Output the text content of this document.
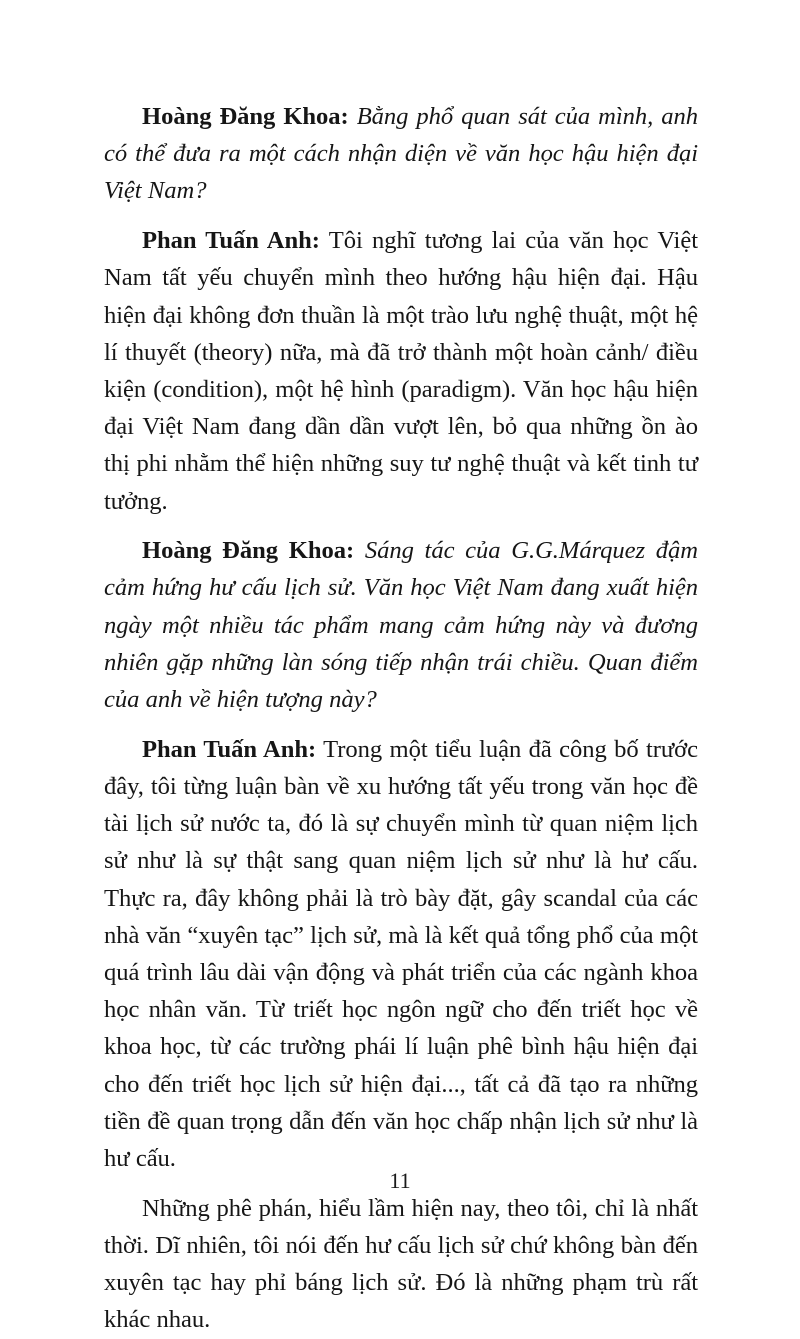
Hoàng Đăng Khoa: Bằng phổ quan sát của mình, anh có thể đưa ra một cách nhận diện về văn học hậu hiện đại Việt Nam?

Phan Tuấn Anh: Tôi nghĩ tương lai của văn học Việt Nam tất yếu chuyển mình theo hướng hậu hiện đại. Hậu hiện đại không đơn thuần là một trào lưu nghệ thuật, một hệ lí thuyết (theory) nữa, mà đã trở thành một hoàn cảnh/ điều kiện (condition), một hệ hình (paradigm). Văn học hậu hiện đại Việt Nam đang dần dần vượt lên, bỏ qua những ồn ào thị phi nhằm thể hiện những suy tư nghệ thuật và kết tinh tư tưởng.

Hoàng Đăng Khoa: Sáng tác của G.G.Márquez đậm cảm hứng hư cấu lịch sử. Văn học Việt Nam đang xuất hiện ngày một nhiều tác phẩm mang cảm hứng này và đương nhiên gặp những làn sóng tiếp nhận trái chiều. Quan điểm của anh về hiện tượng này?

Phan Tuấn Anh: Trong một tiểu luận đã công bố trước đây, tôi từng luận bàn về xu hướng tất yếu trong văn học đề tài lịch sử nước ta, đó là sự chuyển mình từ quan niệm lịch sử như là sự thật sang quan niệm lịch sử như là hư cấu. Thực ra, đây không phải là trò bày đặt, gây scandal của các nhà văn “xuyên tạc” lịch sử, mà là kết quả tổng phổ của một quá trình lâu dài vận động và phát triển của các ngành khoa học nhân văn. Từ triết học ngôn ngữ cho đến triết học về khoa học, từ các trường phái lí luận phê bình hậu hiện đại cho đến triết học lịch sử hiện đại..., tất cả đã tạo ra những tiền đề quan trọng dẫn đến văn học chấp nhận lịch sử như là hư cấu.

Những phê phán, hiểu lầm hiện nay, theo tôi, chỉ là nhất thời. Dĩ nhiên, tôi nói đến hư cấu lịch sử chứ không bàn đến xuyên tạc hay phỉ báng lịch sử. Đó là những phạm trù rất khác nhau.

11
